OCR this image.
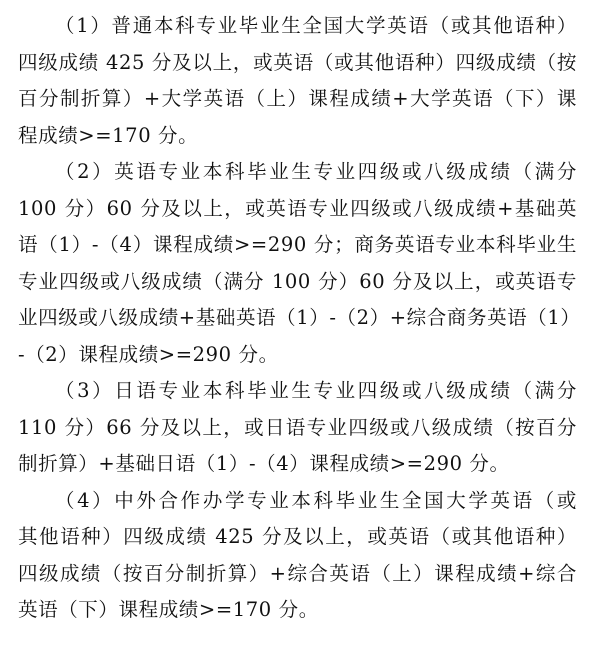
（1）普通本科专业毕业生全国大学英语（或其他语种）
四级成绩 425 分及以上，或英语（或其他语种）四级成绩（按
百分制折算）+大学英语（上）课程成绩+大学英语（下）课
程成绩>=170 分。
（2）英语专业本科毕业生专业四级或八级成绩（满分
100 分）60 分及以上，或英语专业四级或八级成绩+基础英
语（1）-（4）课程成绩>=290 分；商务英语专业本科毕业生
专业四级或八级成绩（满分 100 分）60 分及以上，或英语专
业四级或八级成绩+基础英语（1）-（2）+综合商务英语（1）
-（2）课程成绩>=290 分。
（3）日语专业本科毕业生专业四级或八级成绩（满分
110 分）66 分及以上，或日语专业四级或八级成绩（按百分
制折算）+基础日语（1）-（4）课程成绩>=290 分。
（4）中外合作办学专业本科毕业生全国大学英语（或
其他语种）四级成绩 425 分及以上，或英语（或其他语种）
四级成绩（按百分制折算）+综合英语（上）课程成绩+综合
英语（下）课程成绩>=170 分。
